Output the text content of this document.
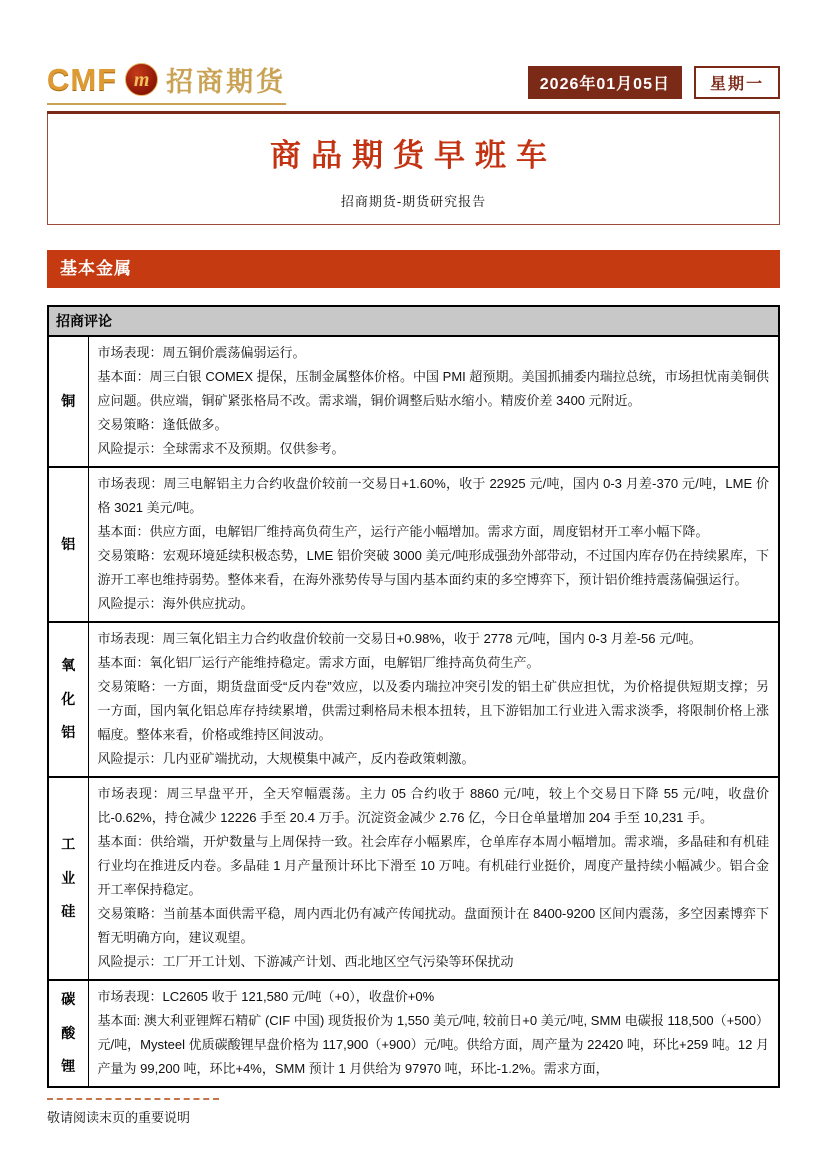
CMF m 招商期货	2026年01月05日	星期一
商品期货早班车
招商期货-期货研究报告
基本金属
招商评论	
铜	市场表现：周五铜价震荡偏弱运行。

基本面：周三白银 COMEX 提保，压制金属整体价格。中国 PMI 超预期。美国抓捕委内瑞拉总统，市场担忧南美铜供应问题。供应端，铜矿紧张格局不改。需求端，铜价调整后贴水缩小。精废价差 3400 元附近。

交易策略：逢低做多。

风险提示：全球需求不及预期。仅供参考。

铝	市场表现：周三电解铝主力合约收盘价较前一交易日+1.60%，收于 22925 元/吨，国内 0-3 月差-370 元/吨，LME 价格 3021 美元/吨。

基本面：供应方面，电解铝厂维持高负荷生产，运行产能小幅增加。需求方面，周度铝材开工率小幅下降。

交易策略：宏观环境延续积极态势，LME 铝价突破 3000 美元/吨形成强劲外部带动，不过国内库存仍在持续累库，下游开工率也维持弱势。整体来看，在海外涨势传导与国内基本面约束的多空博弈下，预计铝价维持震荡偏强运行。

风险提示：海外供应扰动。

氧化铝	市场表现：周三氧化铝主力合约收盘价较前一交易日+0.98%，收于 2778 元/吨，国内 0-3 月差-56 元/吨。

基本面：氧化铝厂运行产能维持稳定。需求方面，电解铝厂维持高负荷生产。

交易策略：一方面，期货盘面受“反内卷”效应，以及委内瑞拉冲突引发的铝土矿供应担忧，为价格提供短期支撑；另一方面，国内氧化铝总库存持续累增，供需过剩格局未根本扭转，且下游铝加工行业进入需求淡季，将限制价格上涨幅度。整体来看，价格或维持区间波动。

风险提示：几内亚矿端扰动，大规模集中减产，反内卷政策刺激。

工业硅	市场表现：周三早盘平开，全天窄幅震荡。主力 05 合约收于 8860 元/吨，较上个交易日下降 55 元/吨，收盘价比-0.62%，持仓减少 12226 手至 20.4 万手。沉淀资金减少 2.76 亿，今日仓单量增加 204 手至 10,231 手。

基本面：供给端，开炉数量与上周保持一致。社会库存小幅累库，仓单库存本周小幅增加。需求端，多晶硅和有机硅行业均在推进反内卷。多晶硅 1 月产量预计环比下滑至 10 万吨。有机硅行业挺价，周度产量持续小幅减少。铝合金开工率保持稳定。

交易策略：当前基本面供需平稳，周内西北仍有减产传闻扰动。盘面预计在 8400-9200 区间内震荡，多空因素博弈下暂无明确方向，建议观望。

风险提示：工厂开工计划、下游减产计划、西北地区空气污染等环保扰动

碳酸锂	市场表现：LC2605 收于 121,580 元/吨（+0），收盘价+0%

基本面: 澳大利亚锂辉石精矿 (CIF 中国) 现货报价为 1,550 美元/吨, 较前日+0 美元/吨, SMM 电碳报 118,500（+500）元/吨，Mysteel 优质碳酸锂早盘价格为 117,900（+900）元/吨。供给方面，周产量为 22420 吨，环比+259 吨。12 月产量为 99,200 吨，环比+4%，SMM 预计 1 月供给为 97970 吨，环比-1.2%。需求方面，

敬请阅读末页的重要说明
